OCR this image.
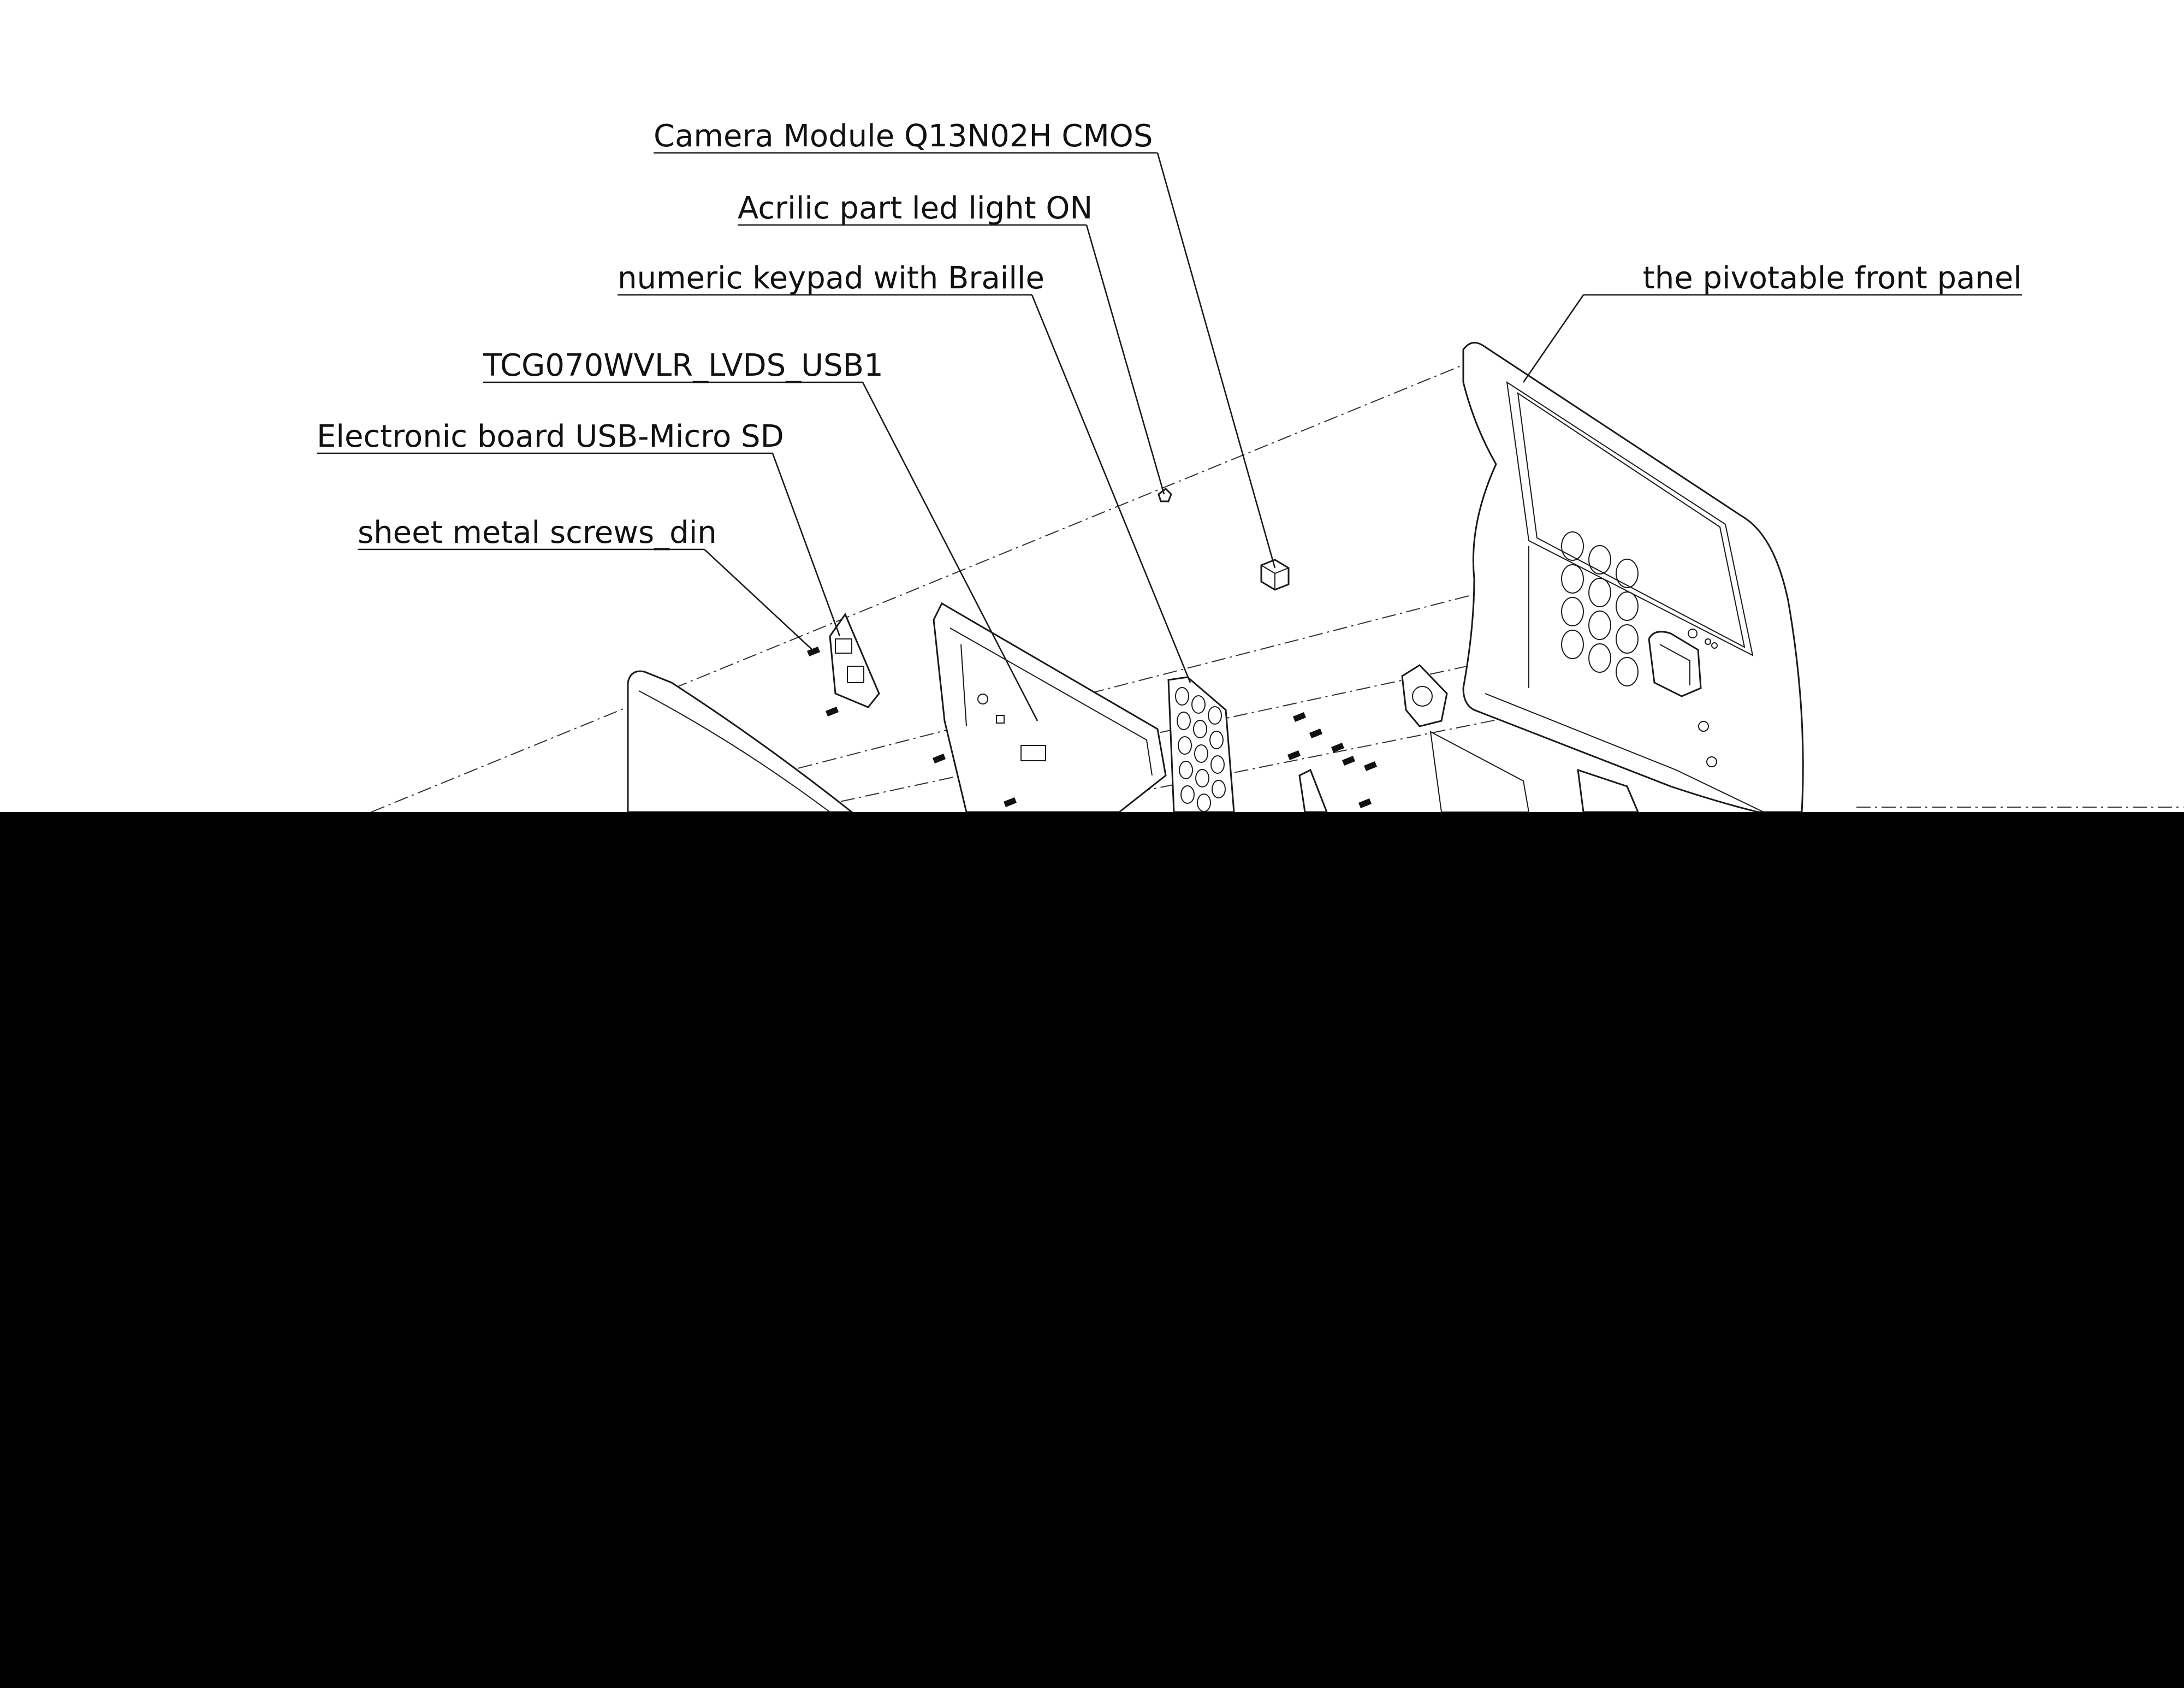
Camera Module Q13N02H CMOS
Acrilic part led light ON
numeric keypad with Braille	the pivotable front panel
TCG070WVLR_LVDS_USB1
Electronic board USB-Micro SD
sheet metal screws_din
